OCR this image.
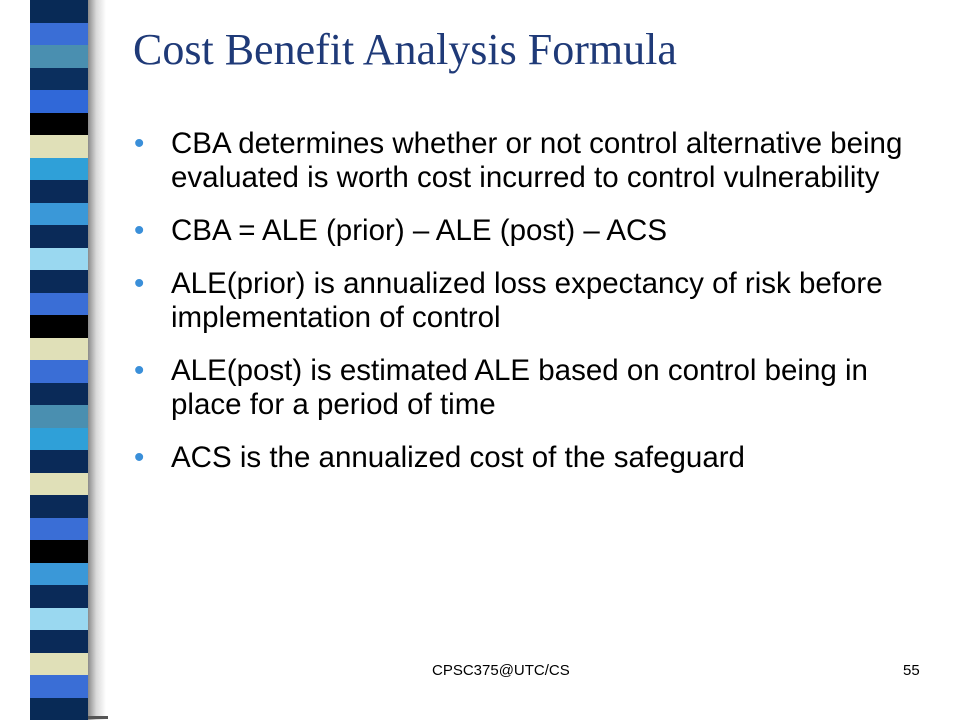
Cost Benefit Analysis Formula
• CBA determines whether or not control alternative being evaluated is worth cost incurred to control vulnerability
• CBA = ALE (prior) – ALE (post) – ACS
• ALE(prior) is annualized loss expectancy of risk before implementation of control
• ALE(post) is estimated ALE based on control being in place for a period of time
• ACS is the annualized cost of the safeguard
CPSC375@UTC/CS	55
